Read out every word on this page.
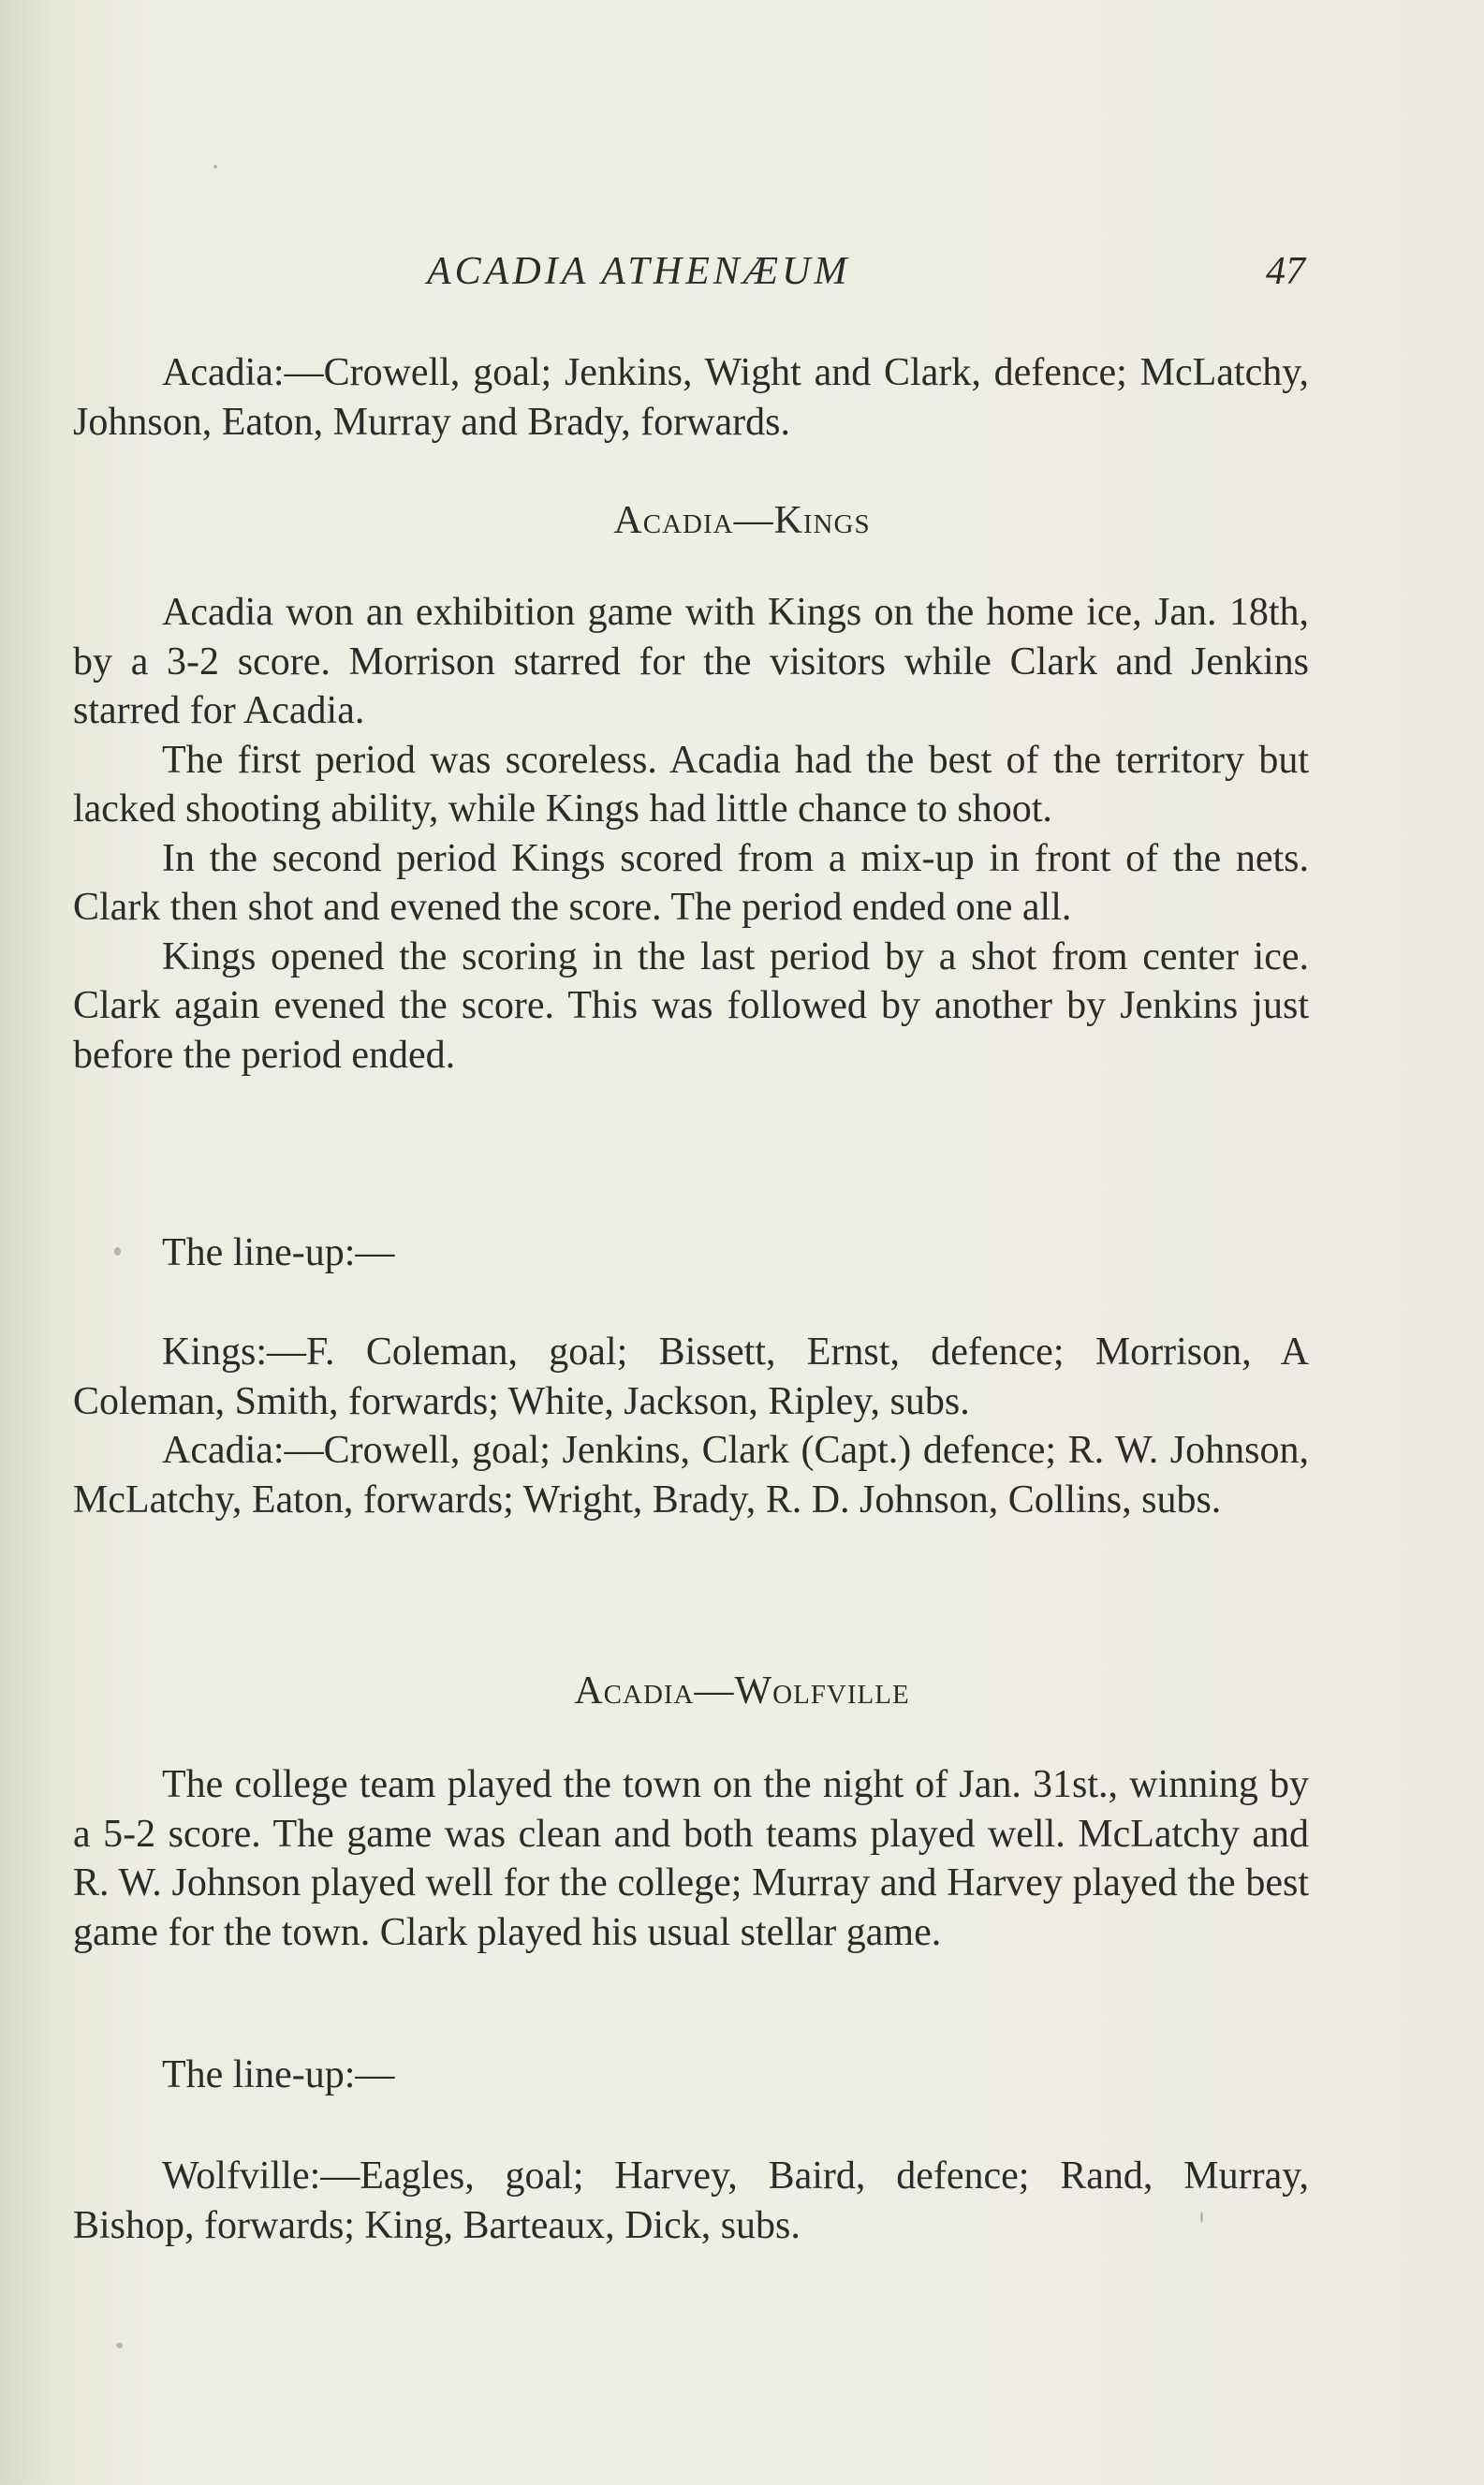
ACADIA ATHENÆUM	47

Acadia:—Crowell, goal; Jenkins, Wight and Clark, defence; McLatchy, Johnson, Eaton, Murray and Brady, forwards.

Acadia—Kings

Acadia won an exhibition game with Kings on the home ice, Jan. 18th, by a 3-2 score. Morrison starred for the visitors while Clark and Jenkins starred for Acadia.

The first period was scoreless. Acadia had the best of the territory but lacked shooting ability, while Kings had little chance to shoot.

In the second period Kings scored from a mix-up in front of the nets. Clark then shot and evened the score. The period ended one all.

Kings opened the scoring in the last period by a shot from center ice. Clark again evened the score. This was followed by another by Jenkins just before the period ended.

The line-up:—

Kings:—F. Coleman, goal; Bissett, Ernst, defence; Morrison, A Coleman, Smith, forwards; White, Jackson, Ripley, subs.

Acadia:—Crowell, goal; Jenkins, Clark (Capt.) defence; R. W. Johnson, McLatchy, Eaton, forwards; Wright, Brady, R. D. Johnson, Collins, subs.

Acadia—Wolfville

The college team played the town on the night of Jan. 31st., winning by a 5-2 score. The game was clean and both teams played well. McLatchy and R. W. Johnson played well for the college; Murray and Harvey played the best game for the town. Clark played his usual stellar game.

The line-up:—

Wolfville:—Eagles, goal; Harvey, Baird, defence; Rand, Murray, Bishop, forwards; King, Barteaux, Dick, subs.
